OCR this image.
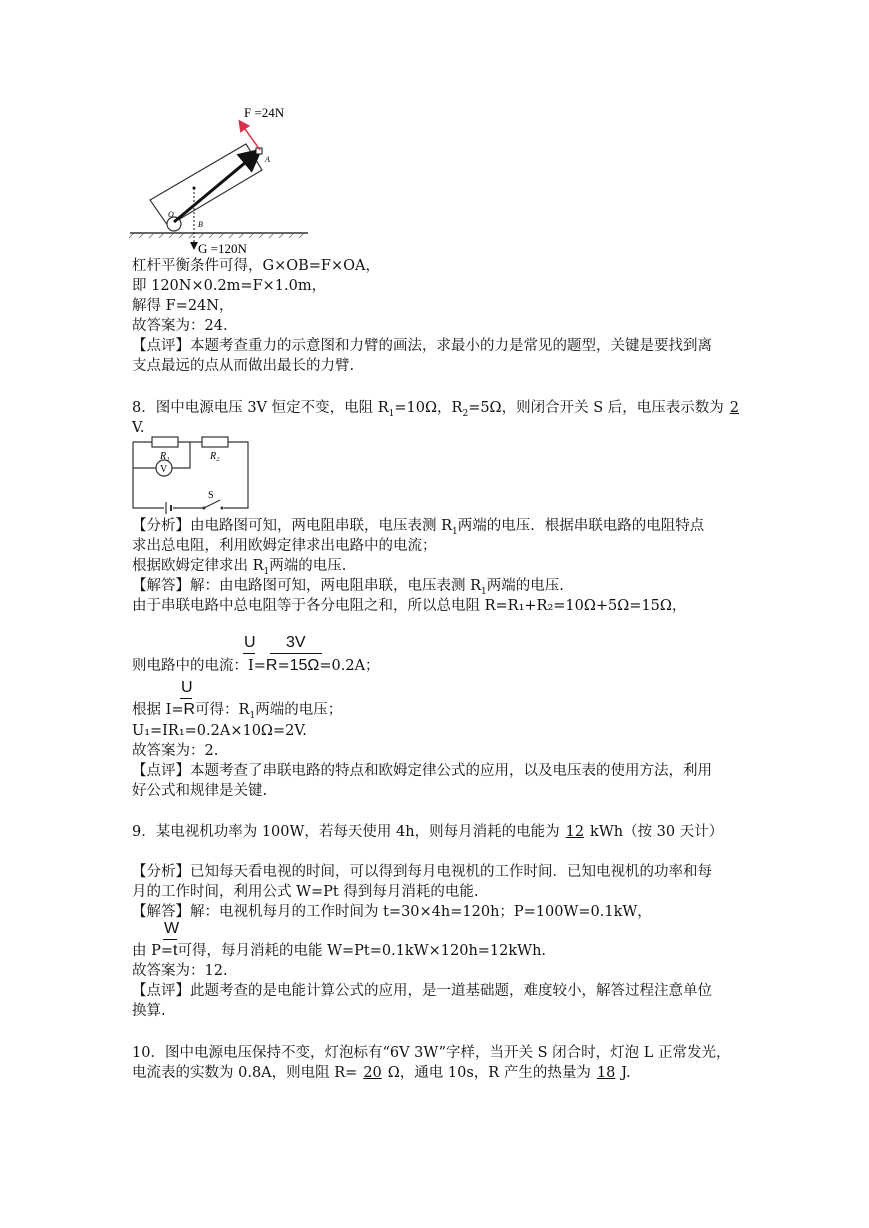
F =24N
A
O
B
G =120N
杠杆平衡条件可得，G×OB=F×OA，
即 120N×0.2m=F×1.0m，
解得 F=24N，
故答案为：24.
【点评】本题考查重力的示意图和力臂的画法，求最小的力是常见的题型，关键是要找到离
支点最远的点从而做出最长的力臂.
8．图中电源电压 3V 恒定不变，电阻 $R_1=10\Omega$，$R_2=5\Omega$，则闭合开关 S 后，电压表示数为 2
V.
V
R₁	R₂
S
【分析】由电路图可知，两电阻串联，电压表测 $R_1$两端的电压．根据串联电路的电阻特点
求出总电阻，利用欧姆定律求出电路中的电流；
根据欧姆定律求出 $R_1$两端的电压.
【解答】解：由电路图可知，两电阻串联，电压表测 $R_1$两端的电压.
由于串联电路中总电阻等于各分电阻之和，所以总电阻 R=R₁+R₂=10Ω+5Ω=15Ω，
U 3V
则电路中的电流：I=R=15Ω=0.2A；
U
根据 I=R可得：$R_1$两端的电压；
U₁=IR₁=0.2A×10Ω=2V.
故答案为：2.
【点评】本题考查了串联电路的特点和欧姆定律公式的应用，以及电压表的使用方法，利用
好公式和规律是关键.
9．某电视机功率为 100W，若每天使用 4h，则每月消耗的电能为 12 kWh（按 30 天计）
【分析】已知每天看电视的时间，可以得到每月电视机的工作时间．已知电视机的功率和每
月的工作时间，利用公式 W=Pt 得到每月消耗的电能.
【解答】解：电视机每月的工作时间为 t=30×4h=120h；P=100W=0.1kW，
W
由 P=t可得，每月消耗的电能 W=Pt=0.1kW×120h=12kWh.
故答案为：12.
【点评】此题考查的是电能计算公式的应用，是一道基础题，难度较小，解答过程注意单位
换算.
10．图中电源电压保持不变，灯泡标有“6V 3W”字样，当开关 S 闭合时，灯泡 L 正常发光，
电流表的实数为 0.8A，则电阻 R= 20 Ω，通电 10s，R 产生的热量为 18 J.
